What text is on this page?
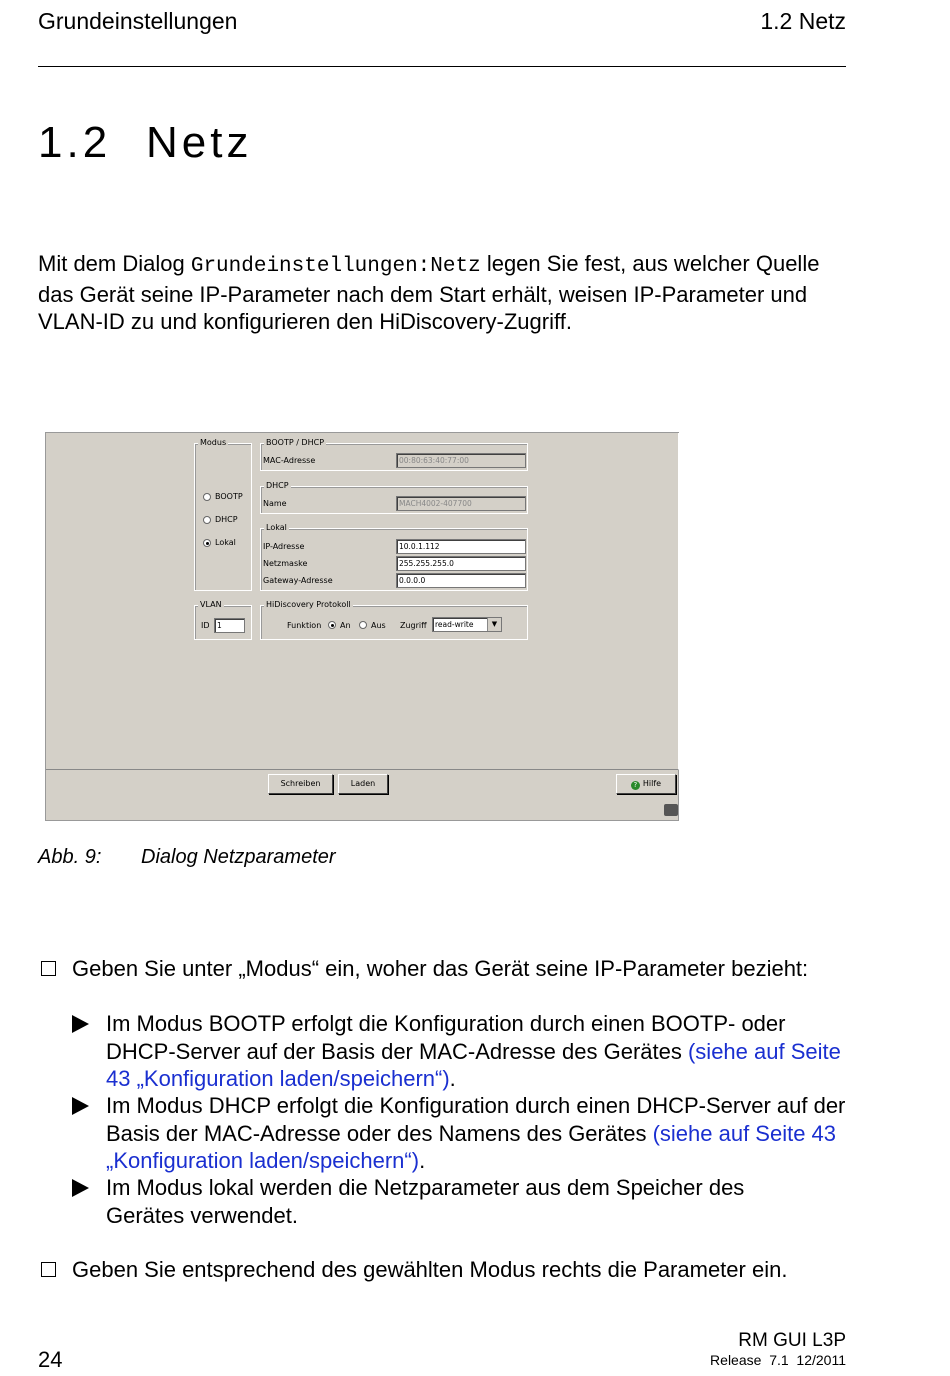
Grundeinstellungen	1.2 Netz
1.2 Netz
Mit dem Dialog Grundeinstellungen:Netz legen Sie fest, aus welcher Quelle das Gerät seine IP-Parameter nach dem Start erhält, weisen IP-Parameter und VLAN-ID zu und konfigurieren den HiDiscovery-Zugriff.
Modus
BOOTP
DHCP
Lokal
BOOTP / DHCP
MAC-Adresse	00:80:63:40:77:00
DHCP
Name	MACH4002-407700
Lokal
IP-Adresse	10.0.1.112
Netzmaske	255.255.255.0
Gateway-Adresse	0.0.0.0
VLAN
ID 1
HiDiscovery Protokoll
Funktion An	Aus Zugriff	read-write	▼
Schreiben	Laden	? Hilfe
Abb. 9: Dialog Netzparameter
Geben Sie unter „Modus“ ein, woher das Gerät seine IP-Parameter bezieht:
Im Modus BOOTP erfolgt die Konfiguration durch einen BOOTP- oder DHCP-Server auf der Basis der MAC-Adresse des Gerätes (siehe auf Seite 43 „Konfiguration laden/speichern“).
Im Modus DHCP erfolgt die Konfiguration durch einen DHCP-Server auf der Basis der MAC-Adresse oder des Namens des Gerätes (siehe auf Seite 43 „Konfiguration laden/speichern“).
Im Modus lokal werden die Netzparameter aus dem Speicher des Gerätes verwendet.
Geben Sie entsprechend des gewählten Modus rechts die Parameter ein.
24
RM GUI L3P
Release  7.1  12/2011
